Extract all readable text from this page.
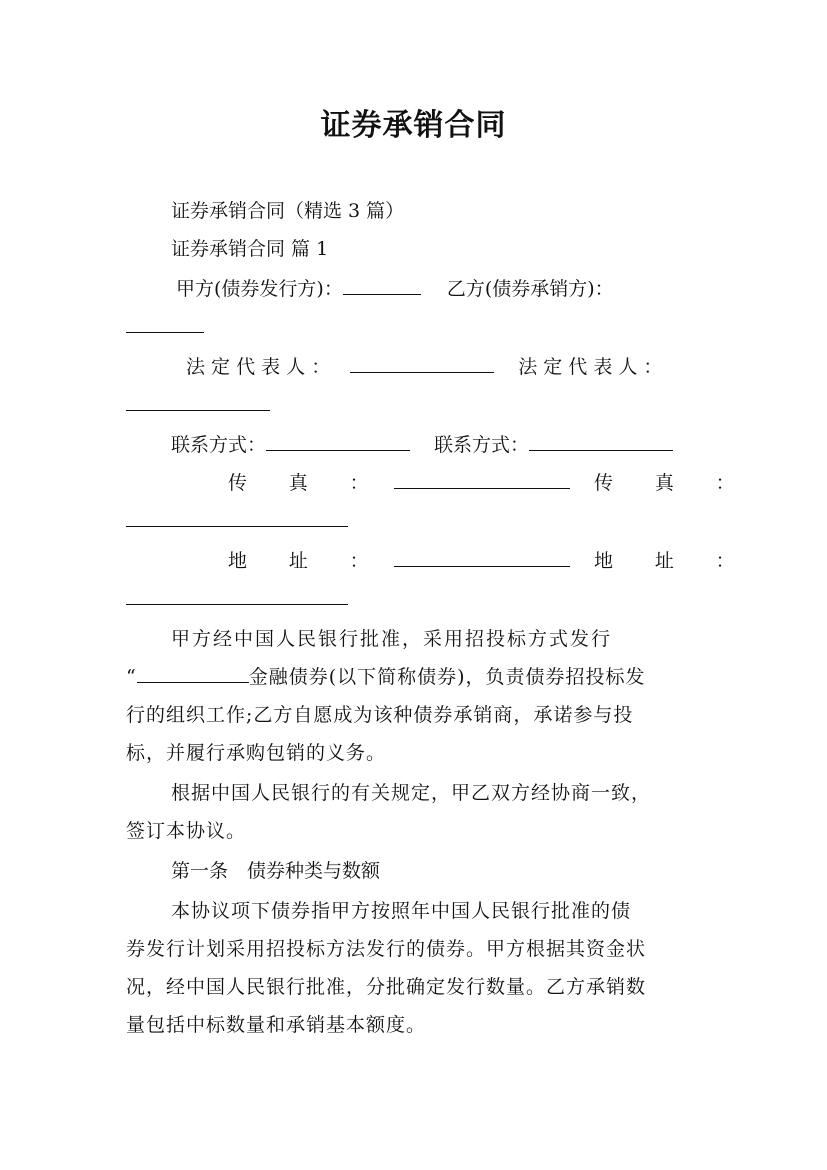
证券承销合同
证券承销合同（精选 3 篇）
证券承销合同 篇 1
甲方(债券发行方)：	乙方(债券承销方)：
法 定 代 表 人 ：	法 定 代 表 人 ：
联系方式：	联系方式：
传　真　：	传　真　：
地　址　：	地　址　：
甲方经中国人民银行批准，采用招投标方式发行
“	金融债券(以下简称债券)，负责债券招投标发
行的组织工作;乙方自愿成为该种债券承销商，承诺参与投
标，并履行承购包销的义务。
根据中国人民银行的有关规定，甲乙双方经协商一致，
签订本协议。
第一条　债券种类与数额
本协议项下债券指甲方按照年中国人民银行批准的债
券发行计划采用招投标方法发行的债券。甲方根据其资金状
况，经中国人民银行批准，分批确定发行数量。乙方承销数
量包括中标数量和承销基本额度。
